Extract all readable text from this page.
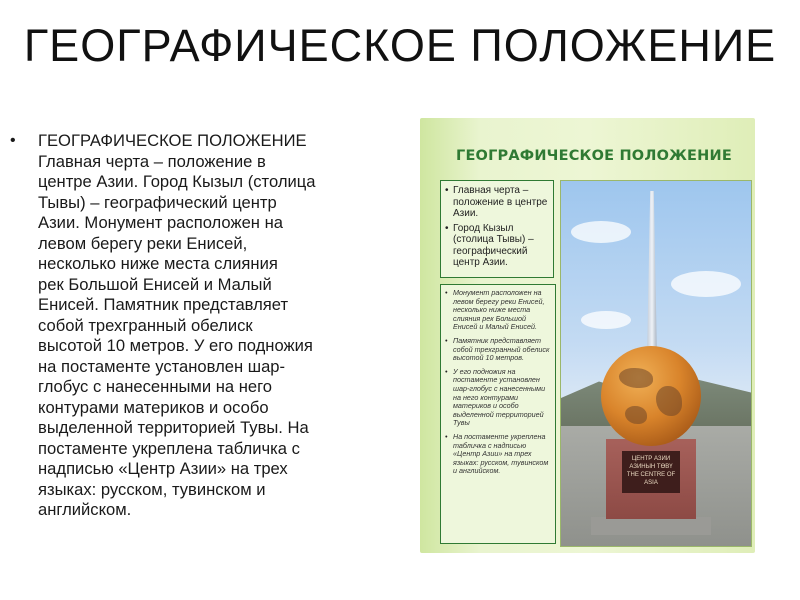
ГЕОГРАФИЧЕСКОЕ ПОЛОЖЕНИЕ
• ГЕОГРАФИЧЕСКОЕ ПОЛОЖЕНИЕ
Главная черта – положение в
центре Азии. Город Кызыл (столица
Тывы) – географический центр
Азии. Монумент расположен на
левом берегу реки Енисей,
несколько ниже места слияния
рек Большой Енисей и Малый
Енисей. Памятник представляет
собой трехгранный обелиск
высотой 10 метров. У его подножия
на постаменте установлен шар-
глобус с нанесенными на него
контурами материков и особо
выделенной территорией Тувы. На
постаменте укреплена табличка с
надписью «Центр Азии» на трех
языках: русском, тувинском и
английском.
ГЕОГРАФИЧЕСКОЕ ПОЛОЖЕНИЕ
• Главная черта – положение в центре Азии.
• Город Кызыл (столица Тывы) – географический центр Азии.
• Монумент расположен на левом берегу реки Енисей, несколько ниже места слияния рек Большой Енисей и Малый Енисей.
• Памятник представляет собой трехгранный обелиск высотой 10 метров.
• У его подножия на постаменте установлен шар-глобус с нанесенными на него контурами материков и особо выделенной территорией Тувы
• На постаменте укреплена табличка с надписью «Центр Азии» на трех языках: русском, тувинском и английском.
ЦЕНТР АЗИИ
АЗИНЫН ТӨВҮ
THE CENTRE OF ASIA
